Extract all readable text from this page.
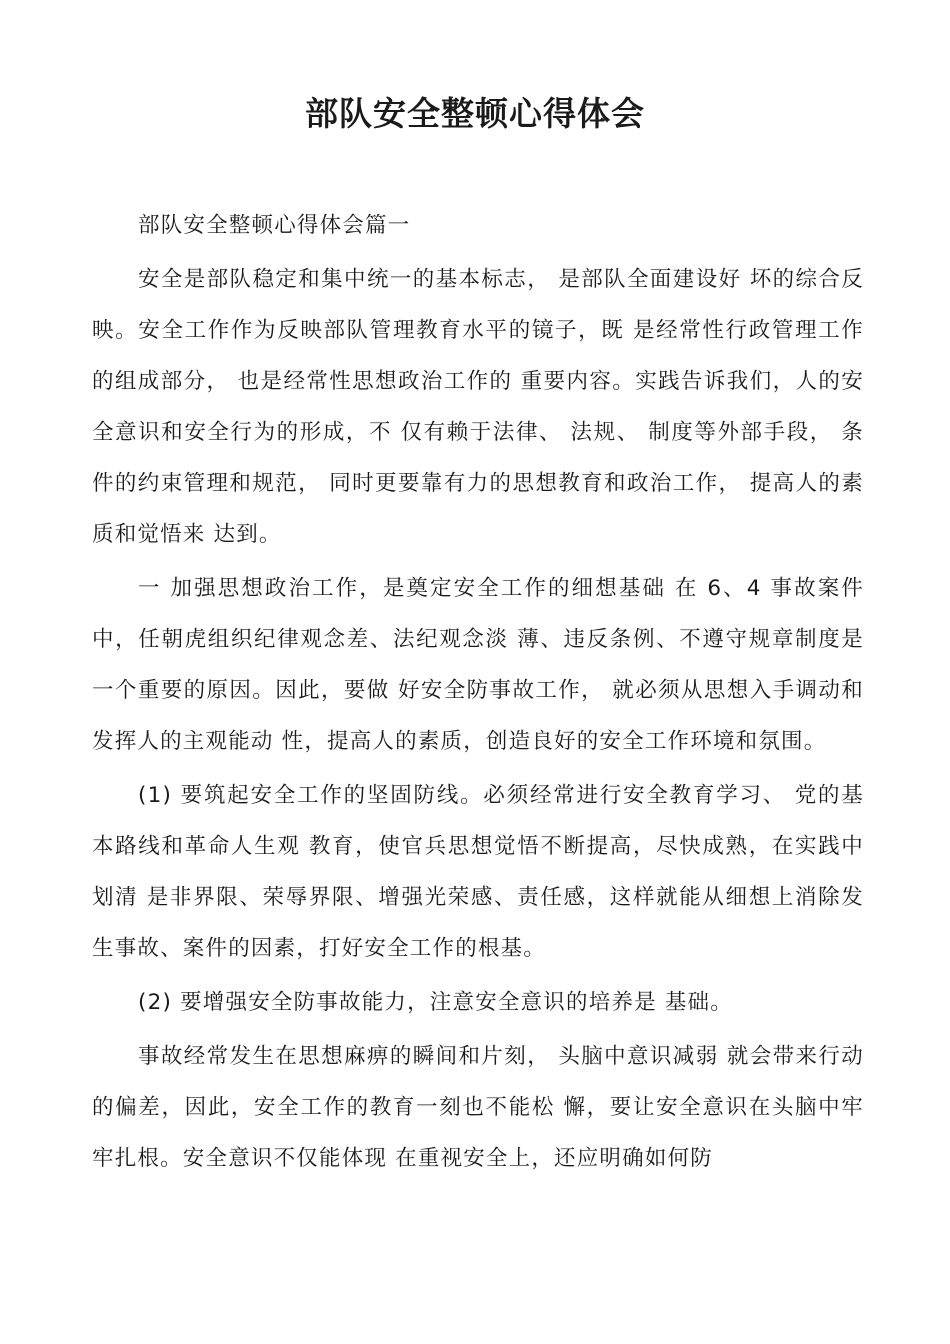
部队安全整顿心得体会

部队安全整顿心得体会篇一

安全是部队稳定和集中统一的基本标志， 是部队全面建设好 坏的综合反映。安全工作作为反映部队管理教育水平的镜子，既 是经常性行政管理工作的组成部分， 也是经常性思想政治工作的 重要内容。实践告诉我们，人的安全意识和安全行为的形成，不 仅有赖于法律、 法规、 制度等外部手段， 条件的约束管理和规范， 同时更要靠有力的思想教育和政治工作， 提高人的素质和觉悟来 达到。

一 加强思想政治工作，是奠定安全工作的细想基础 在 6、4 事故案件中，任朝虎组织纪律观念差、法纪观念淡 薄、违反条例、不遵守规章制度是一个重要的原因。因此，要做 好安全防事故工作， 就必须从思想入手调动和发挥人的主观能动 性，提高人的素质，创造良好的安全工作环境和氛围。

(1) 要筑起安全工作的坚固防线。必须经常进行安全教育学习、 党的基本路线和革命人生观 教育，使官兵思想觉悟不断提高，尽快成熟，在实践中划清 是非界限、荣辱界限、增强光荣感、责任感，这样就能从细想上消除发生事故、案件的因素，打好安全工作的根基。

(2) 要增强安全防事故能力，注意安全意识的培养是 基础。

事故经常发生在思想麻痹的瞬间和片刻， 头脑中意识减弱 就会带来行动的偏差，因此，安全工作的教育一刻也不能松 懈，要让安全意识在头脑中牢牢扎根。安全意识不仅能体现 在重视安全上，还应明确如何防
